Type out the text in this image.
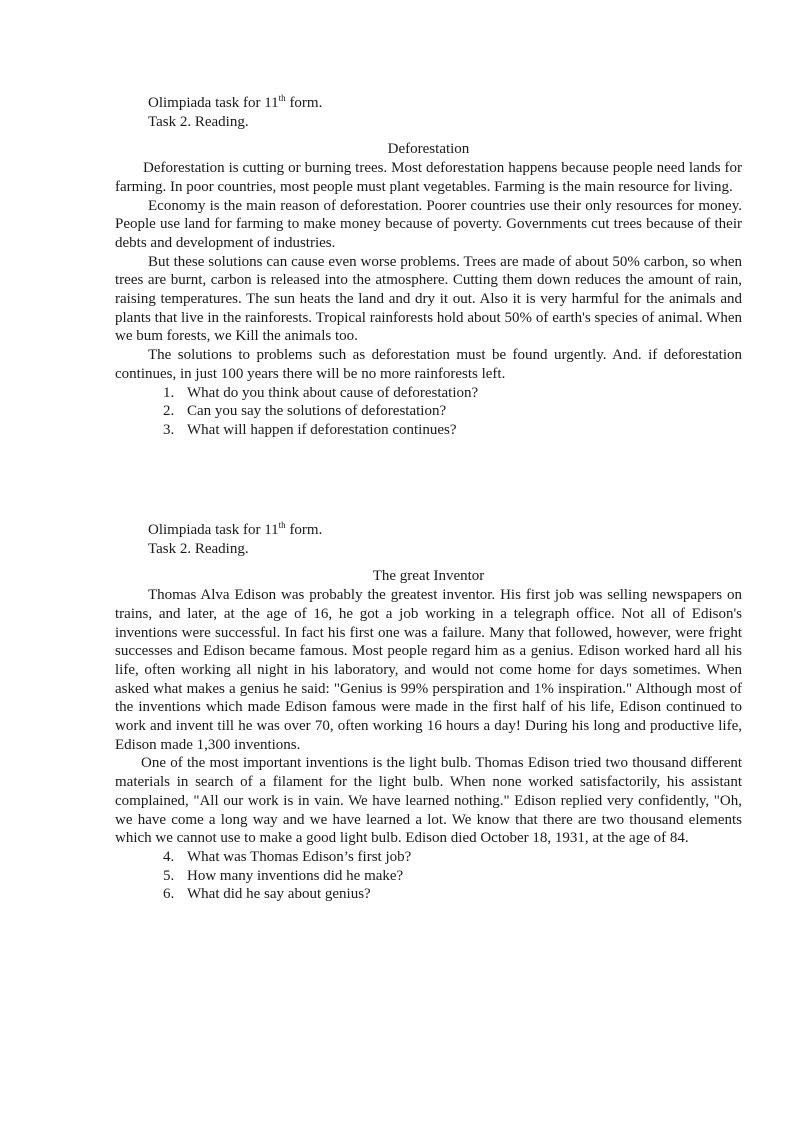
Olimpiada task for 11th form.

Task 2. Reading.

Deforestation

Deforestation is cutting or burning trees. Most deforestation happens because people need lands for farming. In poor countries, most people must plant vegetables. Farming is the main resource for living.

Economy is the main reason of deforestation. Poorer countries use their only resources for money. People use land for farming to make money because of poverty. Governments cut trees because of their debts and development of industries.

But these solutions can cause even worse problems. Trees are made of about 50% carbon, so when trees are burnt, carbon is released into the atmosphere. Cutting them down reduces the amount of rain, raising temperatures. The sun heats the land and dry it out. Also it is very harmful for the animals and plants that live in the rainforests. Tropical rainforests hold about 50% of earth's species of animal. When we bum forests, we Kill the animals too.

The solutions to problems such as deforestation must be found urgently. And. if deforestation continues, in just 100 years there will be no more rainforests left.

1. What do you think about cause of deforestation?
2. Can you say the solutions of deforestation?
3. What will happen if deforestation continues?

Olimpiada task for 11th form.

Task 2. Reading.

The great Inventor

Thomas Alva Edison was probably the greatest inventor. His first job was selling newspapers on trains, and later, at the age of 16, he got a job working in a telegraph office. Not all of Edison's inventions were successful. In fact his first one was a failure. Many that followed, however, were fright successes and Edison became famous. Most people regard him as a genius. Edison worked hard all his life, often working all night in his laboratory, and would not come home for days sometimes. When asked what makes a genius he said: "Genius is 99% perspiration and 1% inspiration." Although most of the inventions which made Edison famous were made in the first half of his life, Edison continued to work and invent till he was over 70, often working 16 hours a day! During his long and productive life, Edison made 1,300 inventions.

One of the most important inventions is the light bulb. Thomas Edison tried two thousand different materials in search of a filament for the light bulb. When none worked satisfactorily, his assistant complained, "All our work is in vain. We have learned nothing." Edison replied very confidently, "Oh, we have come a long way and we have learned a lot. We know that there are two thousand elements which we cannot use to make a good light bulb. Edison died October 18, 1931, at the age of 84.

4. What was Thomas Edison’s first job?
5. How many inventions did he make?
6. What did he say about genius?
